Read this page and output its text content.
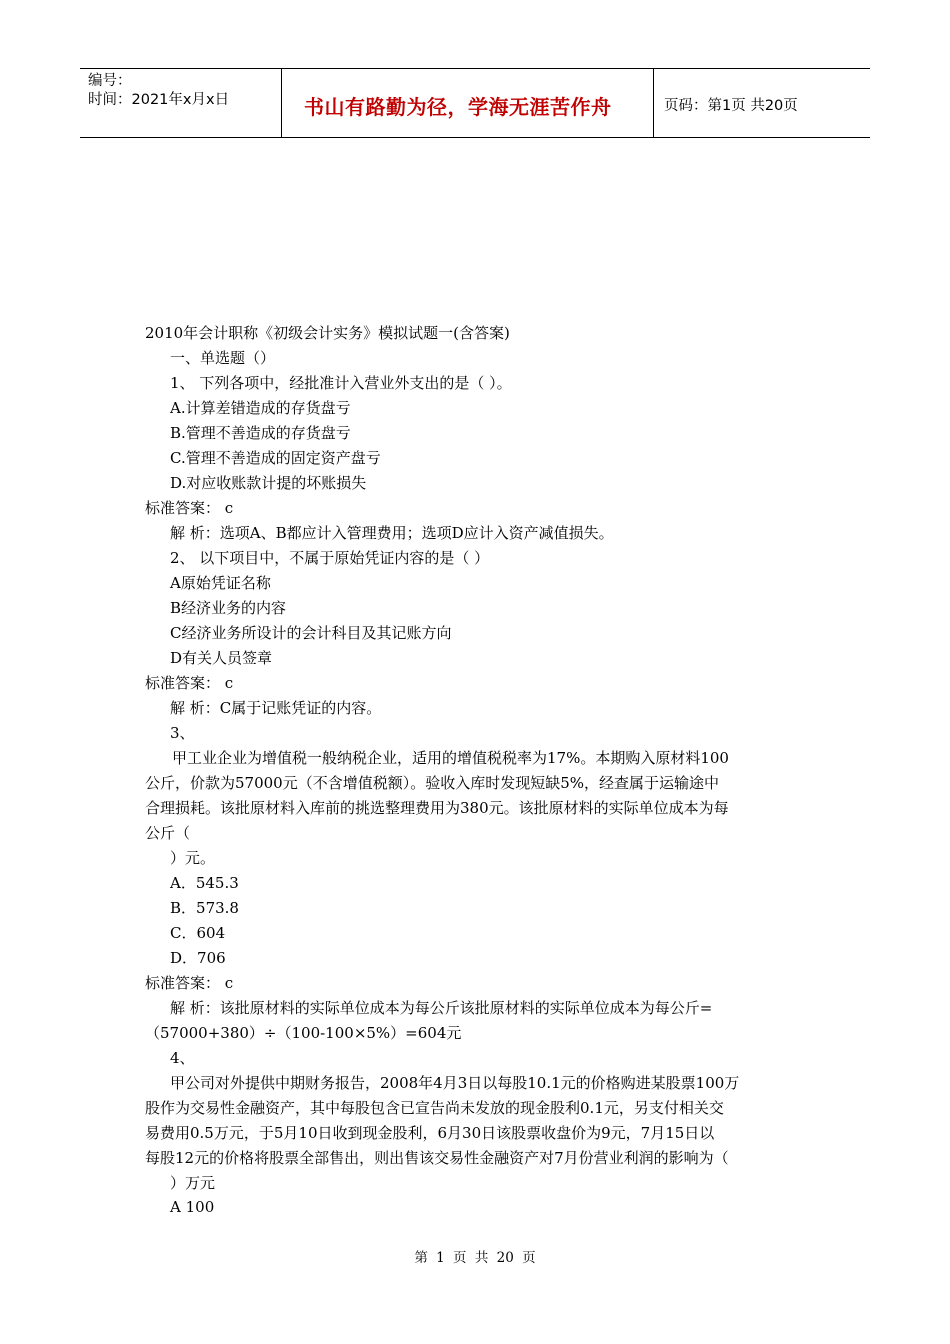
编号：
时间：2021年x月x日	书山有路勤为径，学海无涯苦作舟	页码：第1页 共20页
2010年会计职称《初级会计实务》模拟试题一(含答案)
一、单选题（）
1、 下列各项中，经批准计入营业外支出的是（ ）。
A.计算差错造成的存货盘亏
B.管理不善造成的存货盘亏
C.管理不善造成的固定资产盘亏
D.对应收账款计提的坏账损失
标准答案： c
解 析：选项A、B都应计入管理费用；选项D应计入资产减值损失。
2、 以下项目中，不属于原始凭证内容的是（ ）
A原始凭证名称
B经济业务的内容
C经济业务所设计的会计科目及其记账方向
D有关人员签章
标准答案： c
解 析：C属于记账凭证的内容。
3、
甲工业企业为增值税一般纳税企业，适用的增值税税率为17%。本期购入原材料100
公斤，价款为57000元（不含增值税额）。验收入库时发现短缺5%，经查属于运输途中
合理损耗。该批原材料入库前的挑选整理费用为380元。该批原材料的实际单位成本为每
公斤（
）元。
A．545.3
B．573.8
C．604
D．706
标准答案： c
解 析：该批原材料的实际单位成本为每公斤该批原材料的实际单位成本为每公斤=
（57000+380）÷（100-100×5%）=604元
4、
甲公司对外提供中期财务报告，2008年4月3日以每股10.1元的价格购进某股票100万
股作为交易性金融资产，其中每股包含已宣告尚未发放的现金股利0.1元，另支付相关交
易费用0.5万元，于5月10日收到现金股利，6月30日该股票收盘价为9元，7月15日以
每股12元的价格将股票全部售出，则出售该交易性金融资产对7月份营业利润的影响为（
）万元
A 100
第 1 页 共 20 页
